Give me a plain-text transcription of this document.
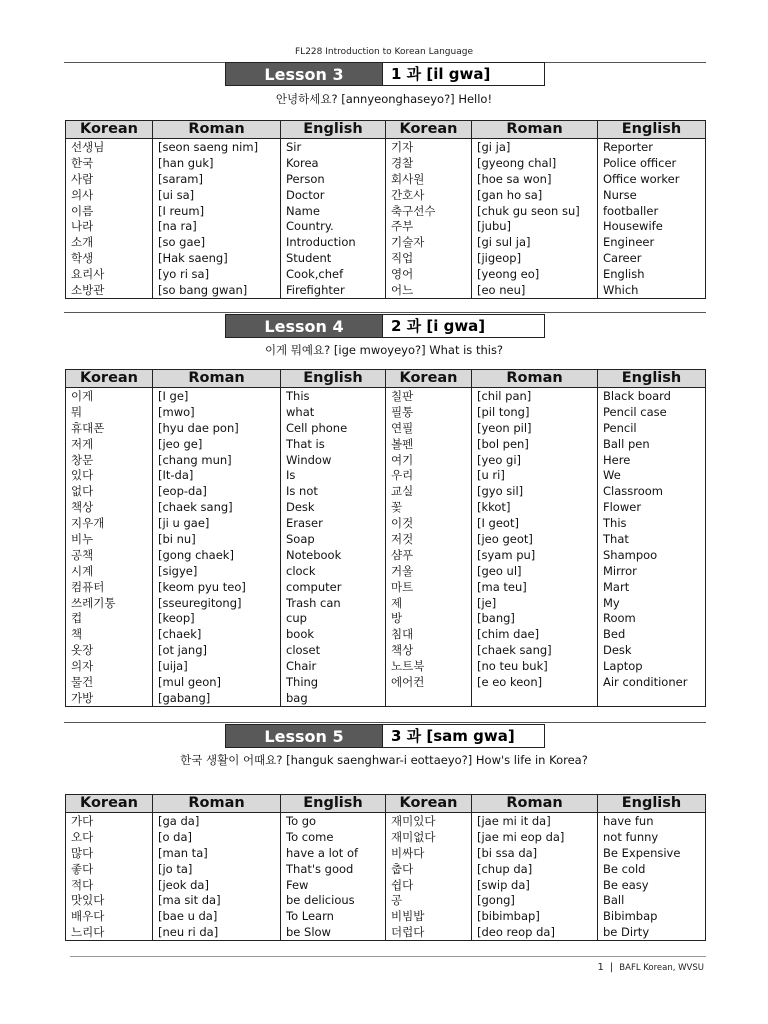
FL228 Introduction to Korean Language
Lesson 3	1 과 [il gwa]
안녕하세요? [annyeonghaseyo?] Hello!
Korean	Roman	English	Korean	Roman	English
선생님	[seon saeng nim]	Sir	기자	[gi ja]	Reporter
한국	[han guk]	Korea	경찰	[gyeong chal]	Police officer
사람	[saram]	Person	회사원	[hoe sa won]	Office worker
의사	[ui sa]	Doctor	간호사	[gan ho sa]	Nurse
이름	[I reum]	Name	축구선수	[chuk gu seon su]	footballer
나라	[na ra]	Country.	주부	[jubu]	Housewife
소개	[so gae]	Introduction	기술자	[gi sul ja]	Engineer
학생	[Hak saeng]	Student	직업	[jigeop]	Career
요리사	[yo ri sa]	Cook,chef	영어	[yeong eo]	English
소방관	[so bang gwan]	Firefighter	어느	[eo neu]	Which
Lesson 4	2 과 [i gwa]
이게 뭐예요? [ige mwoyeyo?] What is this?
Korean	Roman	English	Korean	Roman	English
이게	[I ge]	This	칠판	[chil pan]	Black board
뭐	[mwo]	what	필통	[pil tong]	Pencil case
휴대폰	[hyu dae pon]	Cell phone	연필	[yeon pil]	Pencil
저게	[jeo ge]	That is	볼펜	[bol pen]	Ball pen
창문	[chang mun]	Window	여기	[yeo gi]	Here
있다	[It-da]	Is	우리	[u ri]	We
없다	[eop-da]	Is not	교실	[gyo sil]	Classroom
책상	[chaek sang]	Desk	꽃	[kkot]	Flower
지우개	[ji u gae]	Eraser	이것	[I geot]	This
비누	[bi nu]	Soap	저것	[jeo geot]	That
공책	[gong chaek]	Notebook	샴푸	[syam pu]	Shampoo
시계	[sigye]	clock	거울	[geo ul]	Mirror
컴퓨터	[keom pyu teo]	computer	마트	[ma teu]	Mart
쓰레기통	[sseuregitong]	Trash can	제	[je]	My
컵	[keop]	cup	방	[bang]	Room
책	[chaek]	book	침대	[chim dae]	Bed
옷장	[ot jang]	closet	책상	[chaek sang]	Desk
의자	[uija]	Chair	노트북	[no teu buk]	Laptop
물건	[mul geon]	Thing	에어컨	[e eo keon]	Air conditioner
가방	[gabang]	bag			
Lesson 5	3 과 [sam gwa]
한국 생활이 어때요? [hanguk saenghwar-i eottaeyo?] How's life in Korea?
Korean	Roman	English	Korean	Roman	English
가다	[ga da]	To go	재미있다	[jae mi it da]	have fun
오다	[o da]	To come	재미없다	[jae mi eop da]	not funny
많다	[man ta]	have a lot of	비싸다	[bi ssa da]	Be Expensive
좋다	[jo ta]	That's good	춥다	[chup da]	Be cold
적다	[jeok da]	Few	쉽다	[swip da]	Be easy
맛있다	[ma sit da]	be delicious	공	[gong]	Ball
배우다	[bae u da]	To Learn	비빔밥	[bibimbap]	Bibimbap
느리다	[neu ri da]	be Slow	더럽다	[deo reop da]	be Dirty
1 | BAFL Korean, WVSU
